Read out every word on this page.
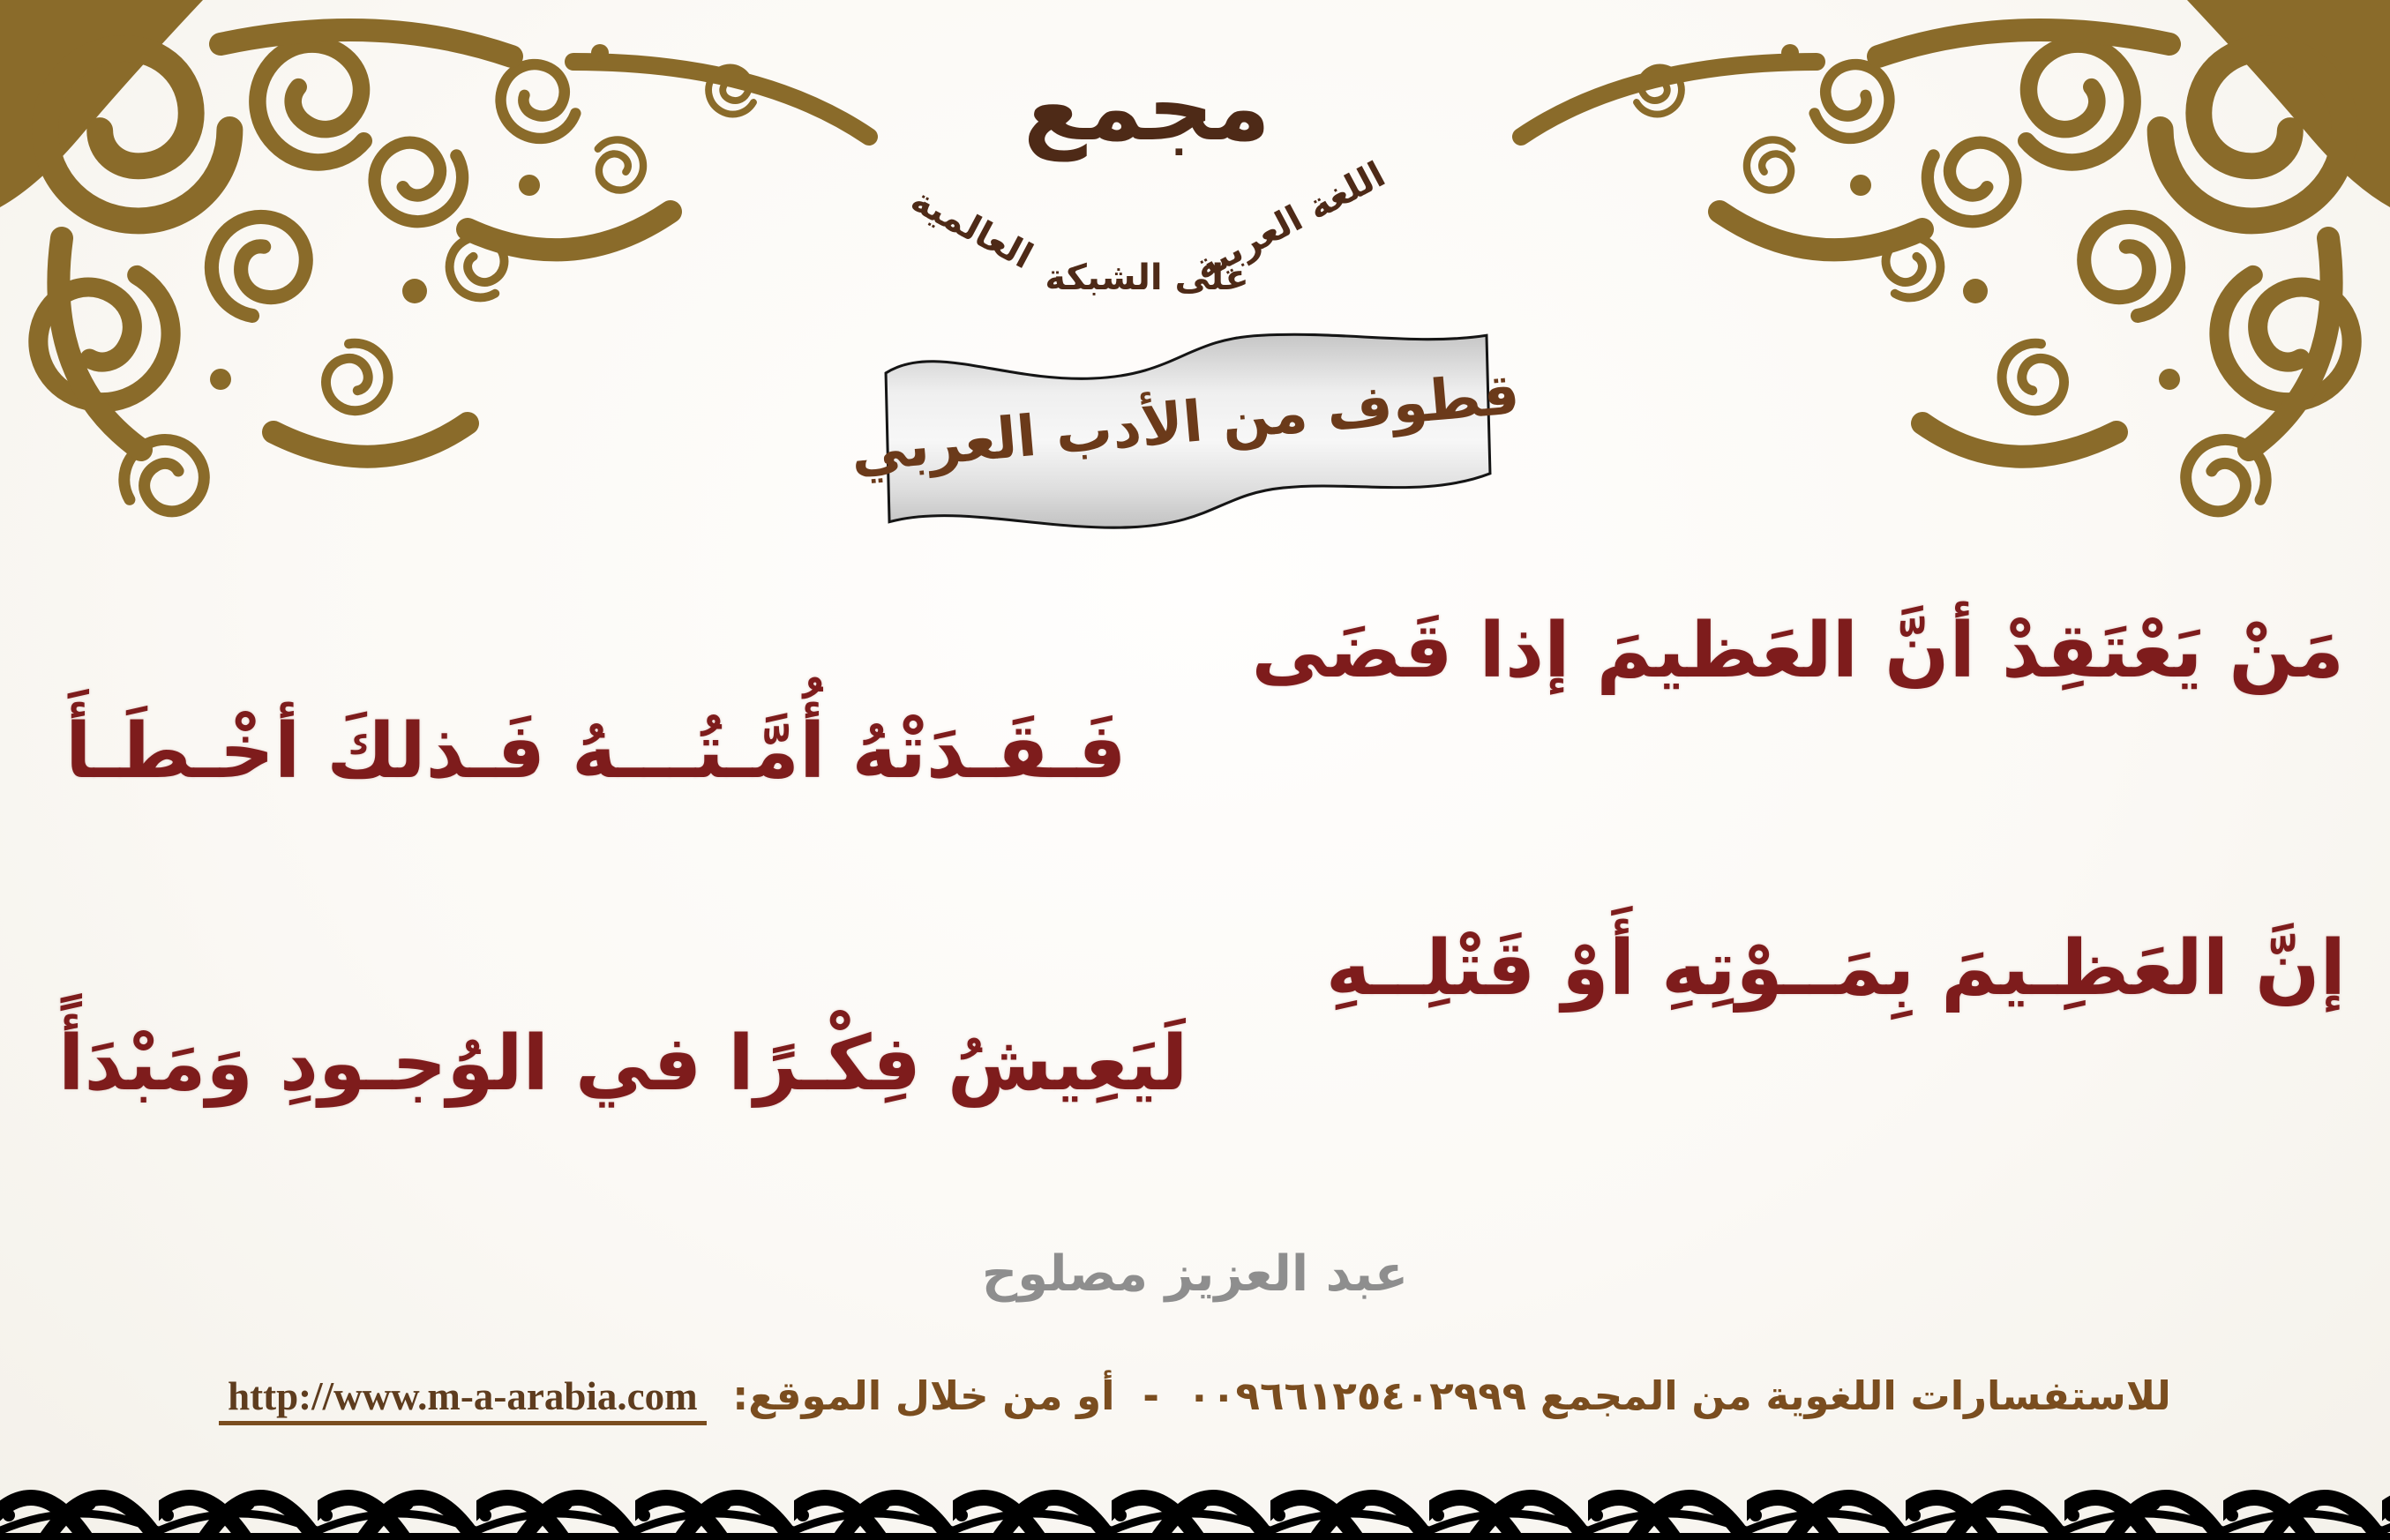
مجمع
اللغة العربية
على الشبكة
العالمية
قطوف من الأدب العربي
مَنْ يَعْتَقِدْ أنَّ العَظيمَ إذا قَضَى
فَـقَـدَتْهُ أُمَّـتُـــهُ فَـذلكَ أخْـطَـأَ
إنَّ العَظِـيمَ بِمَــوْتِهِ أَوْ قَتْلِــهِ
لَيَعِيشُ فِكْـرًا في الوُجـودِ وَمَبْدَأً
عبد العزيز مصلوح
للاستفسارات اللغوية من المجمع ٠٠٩٦٦١٢٥٤٠٢٩٩٩ - أو من خلال الموقع: http://www.m-a-arabia.com
